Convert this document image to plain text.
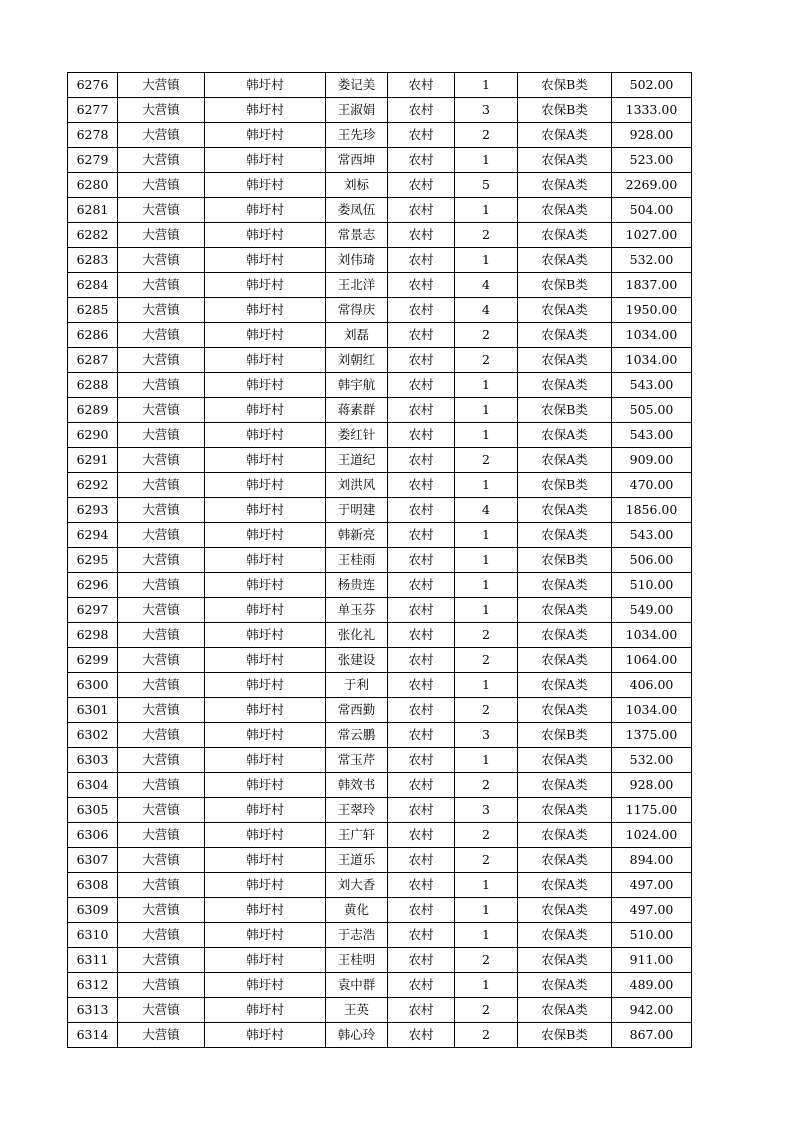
6276	大营镇	韩圩村	娄记美	农村	1	农保B类	502.00
6277	大营镇	韩圩村	王淑娟	农村	3	农保B类	1333.00
6278	大营镇	韩圩村	王先珍	农村	2	农保A类	928.00
6279	大营镇	韩圩村	常西坤	农村	1	农保A类	523.00
6280	大营镇	韩圩村	刘标	农村	5	农保A类	2269.00
6281	大营镇	韩圩村	娄凤伍	农村	1	农保A类	504.00
6282	大营镇	韩圩村	常景志	农村	2	农保A类	1027.00
6283	大营镇	韩圩村	刘伟琦	农村	1	农保A类	532.00
6284	大营镇	韩圩村	王北洋	农村	4	农保B类	1837.00
6285	大营镇	韩圩村	常得庆	农村	4	农保A类	1950.00
6286	大营镇	韩圩村	刘磊	农村	2	农保A类	1034.00
6287	大营镇	韩圩村	刘朝红	农村	2	农保A类	1034.00
6288	大营镇	韩圩村	韩宇航	农村	1	农保A类	543.00
6289	大营镇	韩圩村	蒋素群	农村	1	农保B类	505.00
6290	大营镇	韩圩村	娄红针	农村	1	农保A类	543.00
6291	大营镇	韩圩村	王道纪	农村	2	农保A类	909.00
6292	大营镇	韩圩村	刘洪风	农村	1	农保B类	470.00
6293	大营镇	韩圩村	于明建	农村	4	农保A类	1856.00
6294	大营镇	韩圩村	韩新亮	农村	1	农保A类	543.00
6295	大营镇	韩圩村	王桂雨	农村	1	农保B类	506.00
6296	大营镇	韩圩村	杨贵连	农村	1	农保A类	510.00
6297	大营镇	韩圩村	单玉芬	农村	1	农保A类	549.00
6298	大营镇	韩圩村	张化礼	农村	2	农保A类	1034.00
6299	大营镇	韩圩村	张建设	农村	2	农保A类	1064.00
6300	大营镇	韩圩村	于利	农村	1	农保A类	406.00
6301	大营镇	韩圩村	常西勤	农村	2	农保A类	1034.00
6302	大营镇	韩圩村	常云鹏	农村	3	农保B类	1375.00
6303	大营镇	韩圩村	常玉芹	农村	1	农保A类	532.00
6304	大营镇	韩圩村	韩效书	农村	2	农保A类	928.00
6305	大营镇	韩圩村	王翠玲	农村	3	农保A类	1175.00
6306	大营镇	韩圩村	王广轩	农村	2	农保A类	1024.00
6307	大营镇	韩圩村	王道乐	农村	2	农保A类	894.00
6308	大营镇	韩圩村	刘大香	农村	1	农保A类	497.00
6309	大营镇	韩圩村	黄化	农村	1	农保A类	497.00
6310	大营镇	韩圩村	于志浩	农村	1	农保A类	510.00
6311	大营镇	韩圩村	王桂明	农村	2	农保A类	911.00
6312	大营镇	韩圩村	袁中群	农村	1	农保A类	489.00
6313	大营镇	韩圩村	王英	农村	2	农保A类	942.00
6314	大营镇	韩圩村	韩心玲	农村	2	农保B类	867.00
